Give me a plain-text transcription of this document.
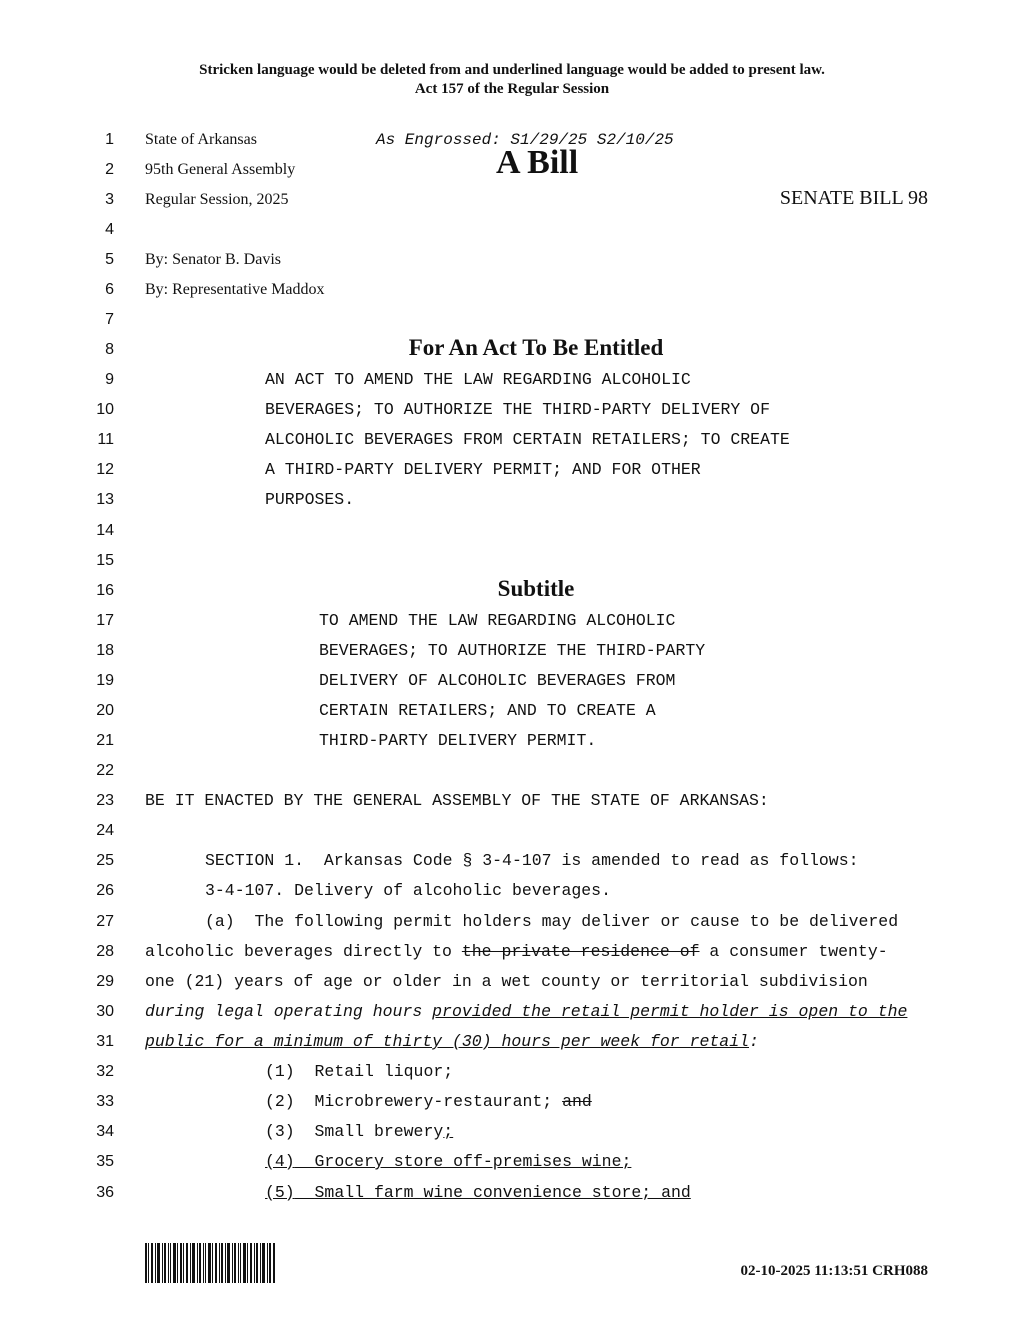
Stricken language would be deleted from and underlined language would be added to present law.
Act 157 of the Regular Session
1
2
3
4
5
6
7
8
9
10
11
12
13
14
15
16
17
18
19
20
21
22
23
24
25
26
27
28
29
30
31
32
33
34
35
36
State of Arkansas	As Engrossed: S1/29/25 S2/10/25
95th General Assembly	A Bill
Regular Session, 2025	SENATE BILL 98
By: Senator B. Davis
By: Representative Maddox
For An Act To Be Entitled
AN ACT TO AMEND THE LAW REGARDING ALCOHOLIC
BEVERAGES; TO AUTHORIZE THE THIRD-PARTY DELIVERY OF
ALCOHOLIC BEVERAGES FROM CERTAIN RETAILERS; TO CREATE
A THIRD-PARTY DELIVERY PERMIT; AND FOR OTHER
PURPOSES.
Subtitle
TO AMEND THE LAW REGARDING ALCOHOLIC
BEVERAGES; TO AUTHORIZE THE THIRD-PARTY
DELIVERY OF ALCOHOLIC BEVERAGES FROM
CERTAIN RETAILERS; AND TO CREATE A
THIRD-PARTY DELIVERY PERMIT.
BE IT ENACTED BY THE GENERAL ASSEMBLY OF THE STATE OF ARKANSAS:
SECTION 1.  Arkansas Code § 3-4-107 is amended to read as follows:
3-4-107. Delivery of alcoholic beverages.
(a)  The following permit holders may deliver or cause to be delivered
alcoholic beverages directly to the private residence of a consumer twenty-
one (21) years of age or older in a wet county or territorial subdivision
during legal operating hours provided the retail permit holder is open to the
public for a minimum of thirty (30) hours per week for retail:
(1) Retail liquor;
(2) Microbrewery-restaurant; and
(3) Small brewery;
(4) Grocery store off-premises wine;
(5) Small farm wine convenience store; and
02-10-2025 11:13:51 CRH088
